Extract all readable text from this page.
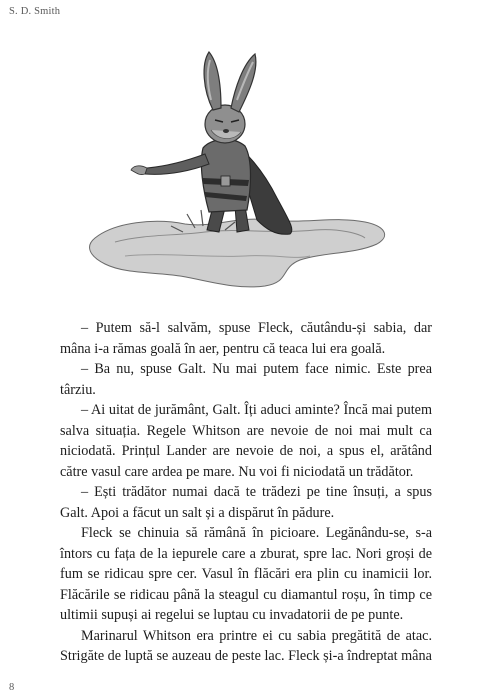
S. D. Smith

– Putem să-l salvăm, spuse Fleck, căutându-și sabia, dar mâna i-a rămas goală în aer, pentru că teaca lui era goală.

– Ba nu, spuse Galt. Nu mai putem face nimic. Este prea târziu.

– Ai uitat de jurământ, Galt. Îți aduci aminte? Încă mai putem salva situația. Regele Whitson are nevoie de noi mai mult ca niciodată. Prințul Lander are nevoie de noi, a spus el, arătând către vasul care ardea pe mare. Nu voi fi niciodată un trădător.

– Ești trădător numai dacă te trădezi pe tine însuți, a spus Galt. Apoi a făcut un salt și a dispărut în pădure.

Fleck se chinuia să rămână în picioare. Legănându-se, s-a întors cu fața de la iepurele care a zburat, spre lac. Nori groși de fum se ridicau spre cer. Vasul în flăcări era plin cu inamicii lor. Flăcările se ridicau până la steagul cu diamantul roșu, în timp ce ultimii supuși ai regelui se luptau cu invadatorii de pe punte.

Marinarul Whitson era printre ei cu sabia pregătită de atac. Strigăte de luptă se auzeau de peste lac. Fleck și-a îndreptat mâna

8
